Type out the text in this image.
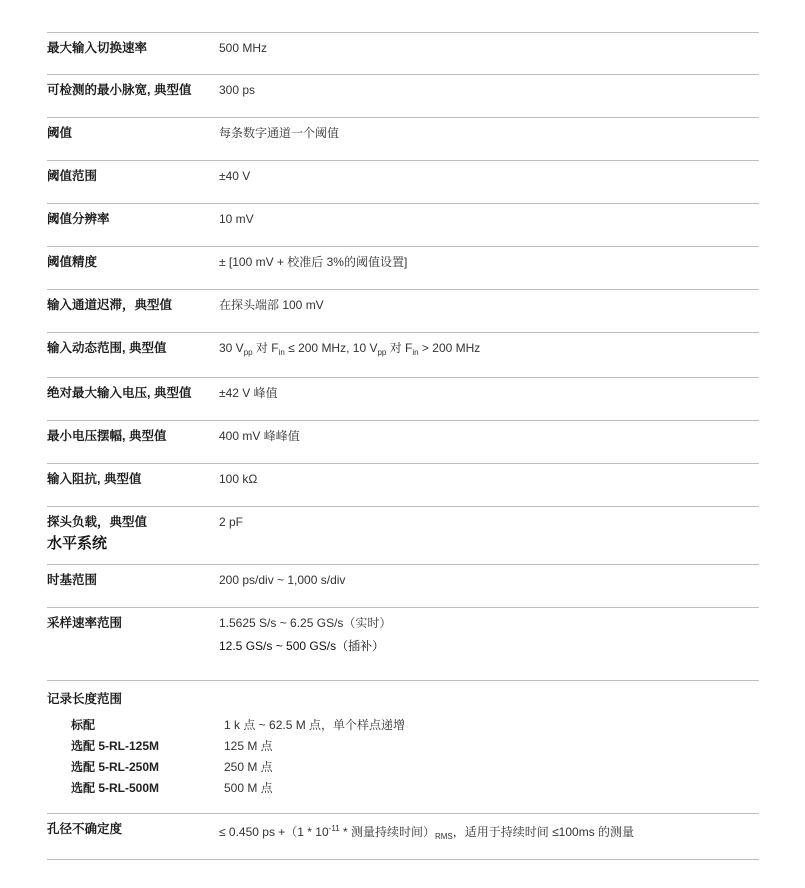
最大输入切换速率	500 MHz
可检测的最小脉宽, 典型值	300 ps
阈值	每条数字通道一个阈值
阈值范围	±40 V
阈值分辨率	10 mV
阈值精度	± [100 mV + 校准后 3%的阈值设置]
输入通道迟滞，典型值	在探头端部 100 mV
输入动态范围, 典型值	30 $V_{pp}$ 对 $F_{in} \le 200$ MHz, 10 $V_{pp}$ 对 $F_{in} > 200$ MHz
绝对最大输入电压, 典型值	±42 V 峰值
最小电压摆幅, 典型值	400 mV 峰峰值
输入阻抗, 典型值	100 kΩ
探头负载，典型值	2 pF
水平系统
时基范围	200 ps/div ~ 1,000 s/div
采样速率范围	1.5625 S/s ~ 6.25 GS/s（实时）
12.5 GS/s ~ 500 GS/s（插补）
记录长度范围
标配	1 k 点 ~ 62.5 M 点，单个样点递增
选配 5-RL-125M	125 M 点
选配 5-RL-250M	250 M 点
选配 5-RL-500M	500 M 点
孔径不确定度	≤ 0.450 ps $+(1 * 10^{-11}$ * 测量持续时间）$_{RMS}$，适用于持续时间 ≤100ms 的测量
